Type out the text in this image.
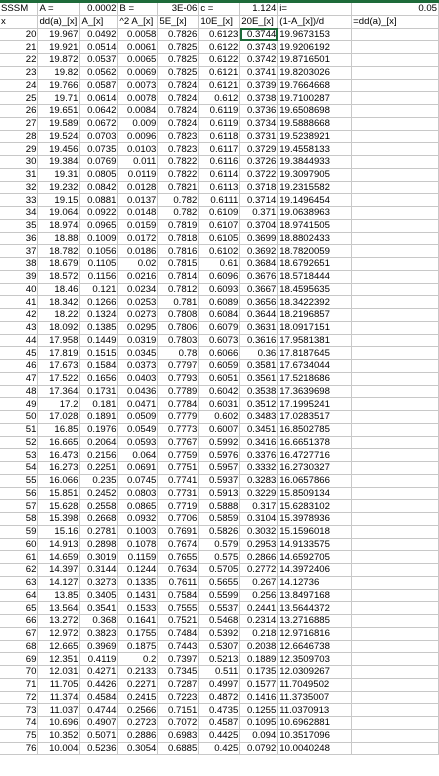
SSSM	A =	0.0002	B =	3E-06	c =	1.124	i=	0.05
x	dd(a)_[x]	A_[x]	^2 A_[x]	5E_[x]	10E_[x]	20E_[x]	(1-A_[x])/d	=dd(a)_[x]
20	19.967	0.0492	0.0058	0.7826	0.6123	0.3744	19.9673153	
21	19.921	0.0514	0.0061	0.7825	0.6122	0.3743	19.9206192	
22	19.872	0.0537	0.0065	0.7825	0.6122	0.3742	19.8716501	
23	19.82	0.0562	0.0069	0.7825	0.6121	0.3741	19.8203026	
24	19.766	0.0587	0.0073	0.7824	0.6121	0.3739	19.7664668	
25	19.71	0.0614	0.0078	0.7824	0.612	0.3738	19.7100287	
26	19.651	0.0642	0.0084	0.7824	0.6119	0.3736	19.6508698	
27	19.589	0.0672	0.009	0.7824	0.6119	0.3734	19.5888668	
28	19.524	0.0703	0.0096	0.7823	0.6118	0.3731	19.5238921	
29	19.456	0.0735	0.0103	0.7823	0.6117	0.3729	19.4558133	
30	19.384	0.0769	0.011	0.7822	0.6116	0.3726	19.3844933	
31	19.31	0.0805	0.0119	0.7822	0.6114	0.3722	19.3097905	
32	19.232	0.0842	0.0128	0.7821	0.6113	0.3718	19.2315582	
33	19.15	0.0881	0.0137	0.782	0.6111	0.3714	19.1496454	
34	19.064	0.0922	0.0148	0.782	0.6109	0.371	19.0638963	
35	18.974	0.0965	0.0159	0.7819	0.6107	0.3704	18.9741505	
36	18.88	0.1009	0.0172	0.7818	0.6105	0.3699	18.8802433	
37	18.782	0.1056	0.0186	0.7816	0.6102	0.3692	18.7820059	
38	18.679	0.1105	0.02	0.7815	0.61	0.3684	18.6792651	
39	18.572	0.1156	0.0216	0.7814	0.6096	0.3676	18.5718444	
40	18.46	0.121	0.0234	0.7812	0.6093	0.3667	18.4595635	
41	18.342	0.1266	0.0253	0.781	0.6089	0.3656	18.3422392	
42	18.22	0.1324	0.0273	0.7808	0.6084	0.3644	18.2196857	
43	18.092	0.1385	0.0295	0.7806	0.6079	0.3631	18.0917151	
44	17.958	0.1449	0.0319	0.7803	0.6073	0.3616	17.9581381	
45	17.819	0.1515	0.0345	0.78	0.6066	0.36	17.8187645	
46	17.673	0.1584	0.0373	0.7797	0.6059	0.3581	17.6734044	
47	17.522	0.1656	0.0403	0.7793	0.6051	0.3561	17.5218686	
48	17.364	0.1731	0.0436	0.7789	0.6042	0.3538	17.3639698	
49	17.2	0.181	0.0471	0.7784	0.6031	0.3512	17.1995241	
50	17.028	0.1891	0.0509	0.7779	0.602	0.3483	17.0283517	
51	16.85	0.1976	0.0549	0.7773	0.6007	0.3451	16.8502785	
52	16.665	0.2064	0.0593	0.7767	0.5992	0.3416	16.6651378	
53	16.473	0.2156	0.064	0.7759	0.5976	0.3376	16.4727716	
54	16.273	0.2251	0.0691	0.7751	0.5957	0.3332	16.2730327	
55	16.066	0.235	0.0745	0.7741	0.5937	0.3283	16.0657866	
56	15.851	0.2452	0.0803	0.7731	0.5913	0.3229	15.8509134	
57	15.628	0.2558	0.0865	0.7719	0.5888	0.317	15.6283102	
58	15.398	0.2668	0.0932	0.7706	0.5859	0.3104	15.3978936	
59	15.16	0.2781	0.1003	0.7691	0.5826	0.3032	15.1596018	
60	14.913	0.2898	0.1078	0.7674	0.579	0.2953	14.9133575	
61	14.659	0.3019	0.1159	0.7655	0.575	0.2866	14.6592705	
62	14.397	0.3144	0.1244	0.7634	0.5705	0.2772	14.3972406	
63	14.127	0.3273	0.1335	0.7611	0.5655	0.267	14.12736	
64	13.85	0.3405	0.1431	0.7584	0.5599	0.256	13.8497168	
65	13.564	0.3541	0.1533	0.7555	0.5537	0.2441	13.5644372	
66	13.272	0.368	0.1641	0.7521	0.5468	0.2314	13.2716885	
67	12.972	0.3823	0.1755	0.7484	0.5392	0.218	12.9716816	
68	12.665	0.3969	0.1875	0.7443	0.5307	0.2038	12.6646738	
69	12.351	0.4119	0.2	0.7397	0.5213	0.1889	12.3509703	
70	12.031	0.4271	0.2133	0.7345	0.511	0.1735	12.0309267	
71	11.705	0.4426	0.2271	0.7287	0.4997	0.1577	11.7049502	
72	11.374	0.4584	0.2415	0.7223	0.4872	0.1416	11.3735007	
73	11.037	0.4744	0.2566	0.7151	0.4735	0.1255	11.0370913	
74	10.696	0.4907	0.2723	0.7072	0.4587	0.1095	10.6962881	
75	10.352	0.5071	0.2886	0.6983	0.4425	0.094	10.3517096	
76	10.004	0.5236	0.3054	0.6885	0.425	0.0792	10.0040248	
